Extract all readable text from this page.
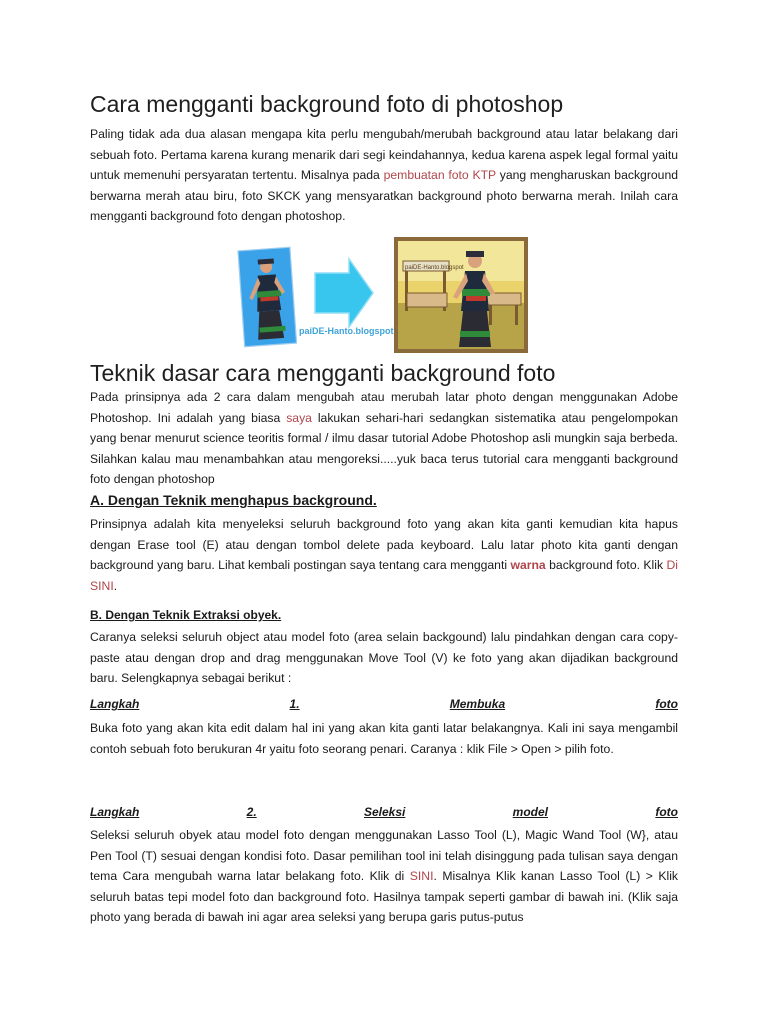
Cara mengganti background foto di photoshop

Paling tidak ada dua alasan mengapa kita perlu mengubah/merubah background atau latar belakang dari sebuah foto. Pertama karena kurang menarik dari segi keindahannya, kedua karena aspek legal formal yaitu untuk memenuhi persyaratan tertentu. Misalnya pada pembuatan foto KTP yang mengharuskan background berwarna merah atau biru, foto SKCK yang mensyaratkan background photo berwarna merah. Inilah cara mengganti background foto dengan photoshop.

paiDE-Hanto.blogspot
paiDE-Hanto.blogspot
Teknik dasar cara mengganti background foto

Pada prinsipnya ada 2 cara dalam mengubah atau merubah latar photo dengan menggunakan Adobe Photoshop. Ini adalah yang biasa saya lakukan sehari-hari sedangkan sistematika atau pengelompokan yang benar menurut science teoritis formal / ilmu dasar tutorial Adobe Photoshop asli mungkin saja berbeda. Silahkan kalau mau menambahkan atau mengoreksi.....yuk baca terus tutorial cara mengganti background foto dengan photoshop

A. Dengan Teknik menghapus background.

Prinsipnya adalah kita menyeleksi seluruh background foto yang akan kita ganti kemudian kita hapus dengan Erase tool (E) atau dengan tombol delete pada keyboard. Lalu latar photo kita ganti dengan background yang baru. Lihat kembali postingan saya tentang cara mengganti warna background foto. Klik Di SINI.

B. Dengan Teknik Extraksi obyek.

Caranya seleksi seluruh object atau model foto (area selain backgound) lalu pindahkan dengan cara copy-paste atau dengan drop and drag menggunakan Move Tool (V) ke foto yang akan dijadikan background baru. Selengkapnya sebagai berikut :

Langkah	1.	Membuka	foto

Buka foto yang akan kita edit dalam hal ini yang akan kita ganti latar belakangnya. Kali ini saya mengambil contoh sebuah foto berukuran 4r yaitu foto seorang penari. Caranya : klik File > Open > pilih foto.

Langkah	2.	Seleksi	model	foto

Seleksi seluruh obyek atau model foto dengan menggunakan Lasso Tool (L), Magic Wand Tool (W}, atau Pen Tool (T) sesuai dengan kondisi foto. Dasar pemilihan tool ini telah disinggung pada tulisan saya dengan tema Cara mengubah warna latar belakang foto. Klik di SINI. Misalnya Klik kanan Lasso Tool (L) > Klik seluruh batas tepi model foto dan background foto. Hasilnya tampak seperti gambar di bawah ini. (Klik saja photo yang berada di bawah ini agar area seleksi yang berupa garis putus-putus
